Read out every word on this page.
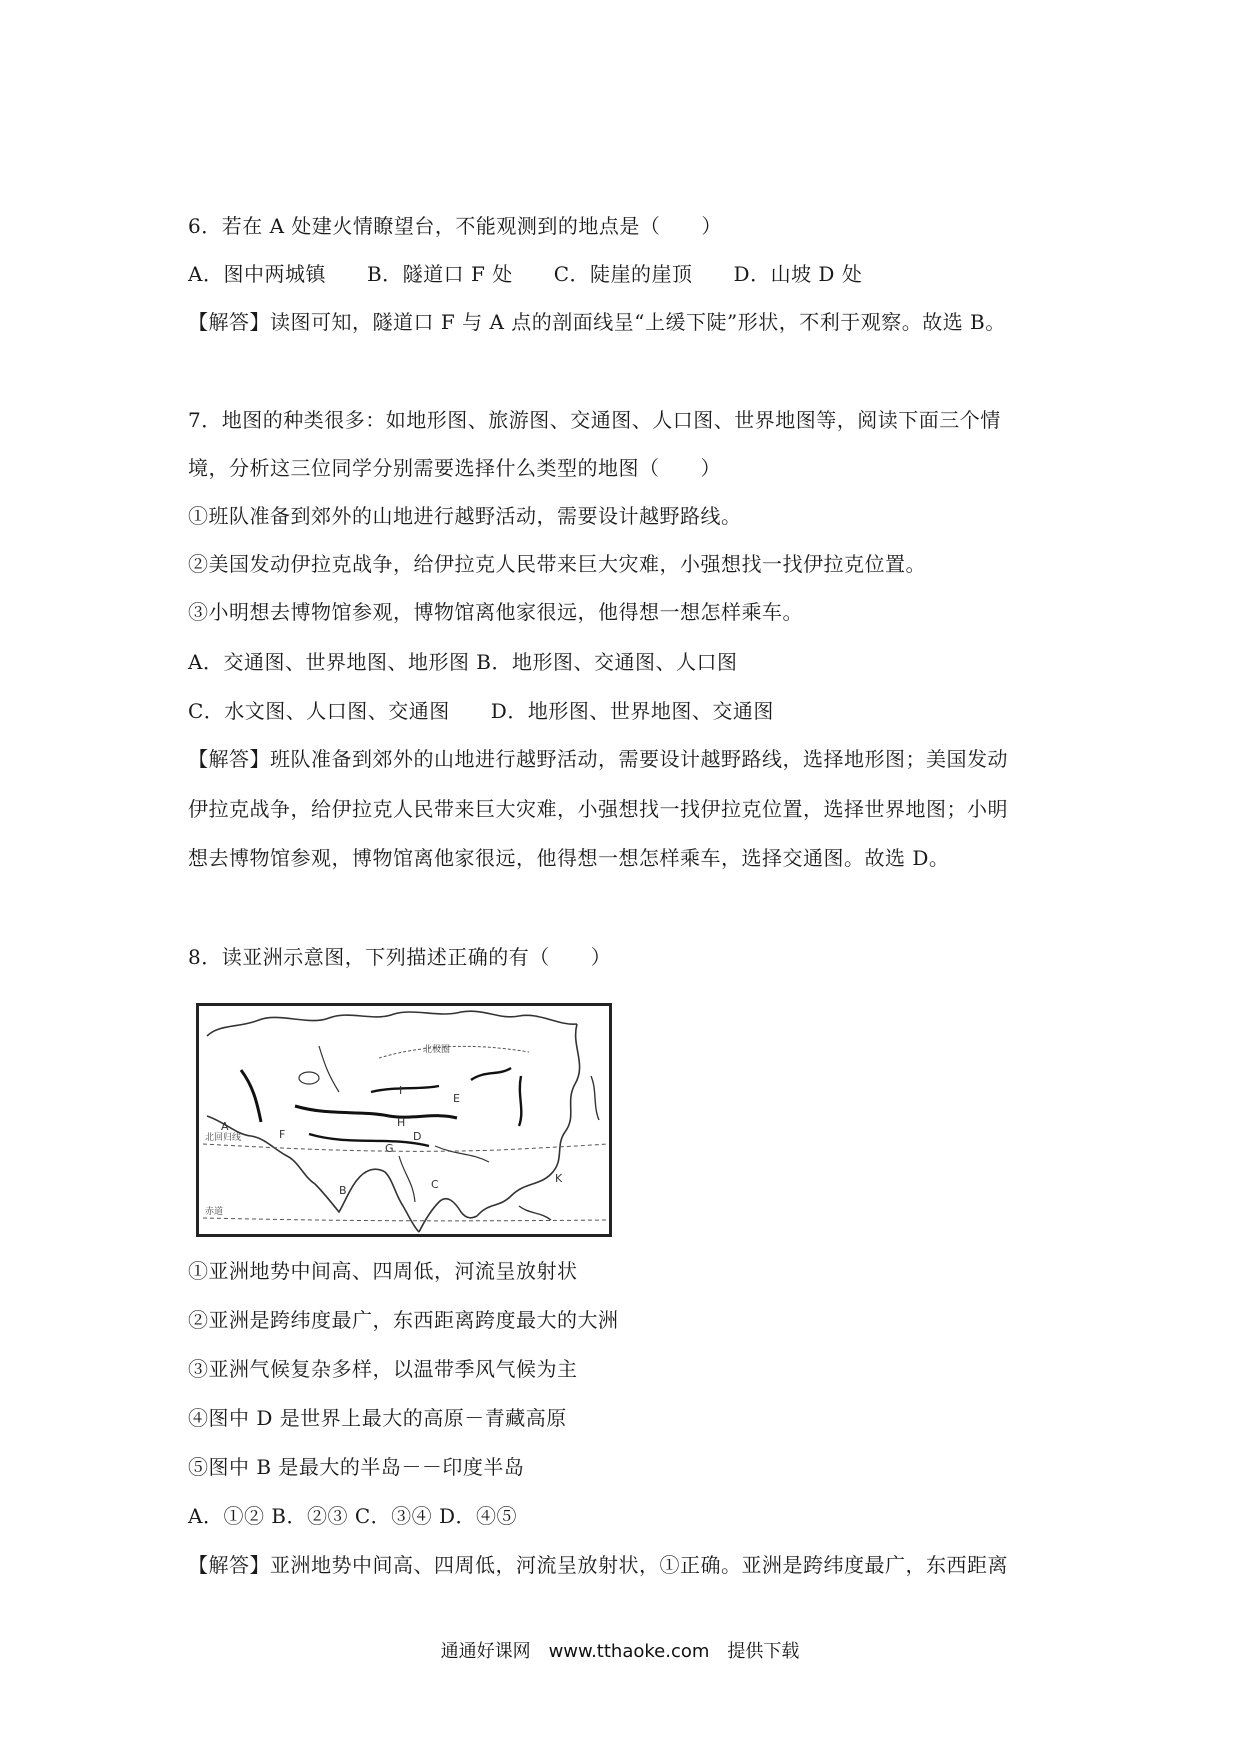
6．若在 A 处建火情瞭望台，不能观测到的地点是（　　）
A．图中两城镇　　B．隧道口 F 处　　C．陡崖的崖顶　　D．山坡 D 处
【解答】读图可知，隧道口 F 与 A 点的剖面线呈“上缓下陡”形状，不利于观察。故选 B。
7．地图的种类很多：如地形图、旅游图、交通图、人口图、世界地图等，阅读下面三个情
境，分析这三位同学分别需要选择什么类型的地图（　　）
①班队准备到郊外的山地进行越野活动，需要设计越野路线。
②美国发动伊拉克战争，给伊拉克人民带来巨大灾难，小强想找一找伊拉克位置。
③小明想去博物馆参观，博物馆离他家很远，他得想一想怎样乘车。
A．交通图、世界地图、地形图 B．地形图、交通图、人口图
C．水文图、人口图、交通图　　D．地形图、世界地图、交通图
【解答】班队准备到郊外的山地进行越野活动，需要设计越野路线，选择地形图；美国发动
伊拉克战争，给伊拉克人民带来巨大灾难，小强想找一找伊拉克位置，选择世界地图；小明
想去博物馆参观，博物馆离他家很远，他得想一想怎样乘车，选择交通图。故选 D。
8．读亚洲示意图，下列描述正确的有（　　）
北极圈
北回归线
赤道
A
B	C
D
E
F
G
H
I
K
①亚洲地势中间高、四周低，河流呈放射状
②亚洲是跨纬度最广，东西距离跨度最大的大洲
③亚洲气候复杂多样，以温带季风气候为主
④图中 D 是世界上最大的高原－青藏高原
⑤图中 B 是最大的半岛－－印度半岛
A．①② B．②③ C．③④ D．④⑤
【解答】亚洲地势中间高、四周低，河流呈放射状，①正确。亚洲是跨纬度最广，东西距离
通通好课网　www.tthaoke.com　提供下载
